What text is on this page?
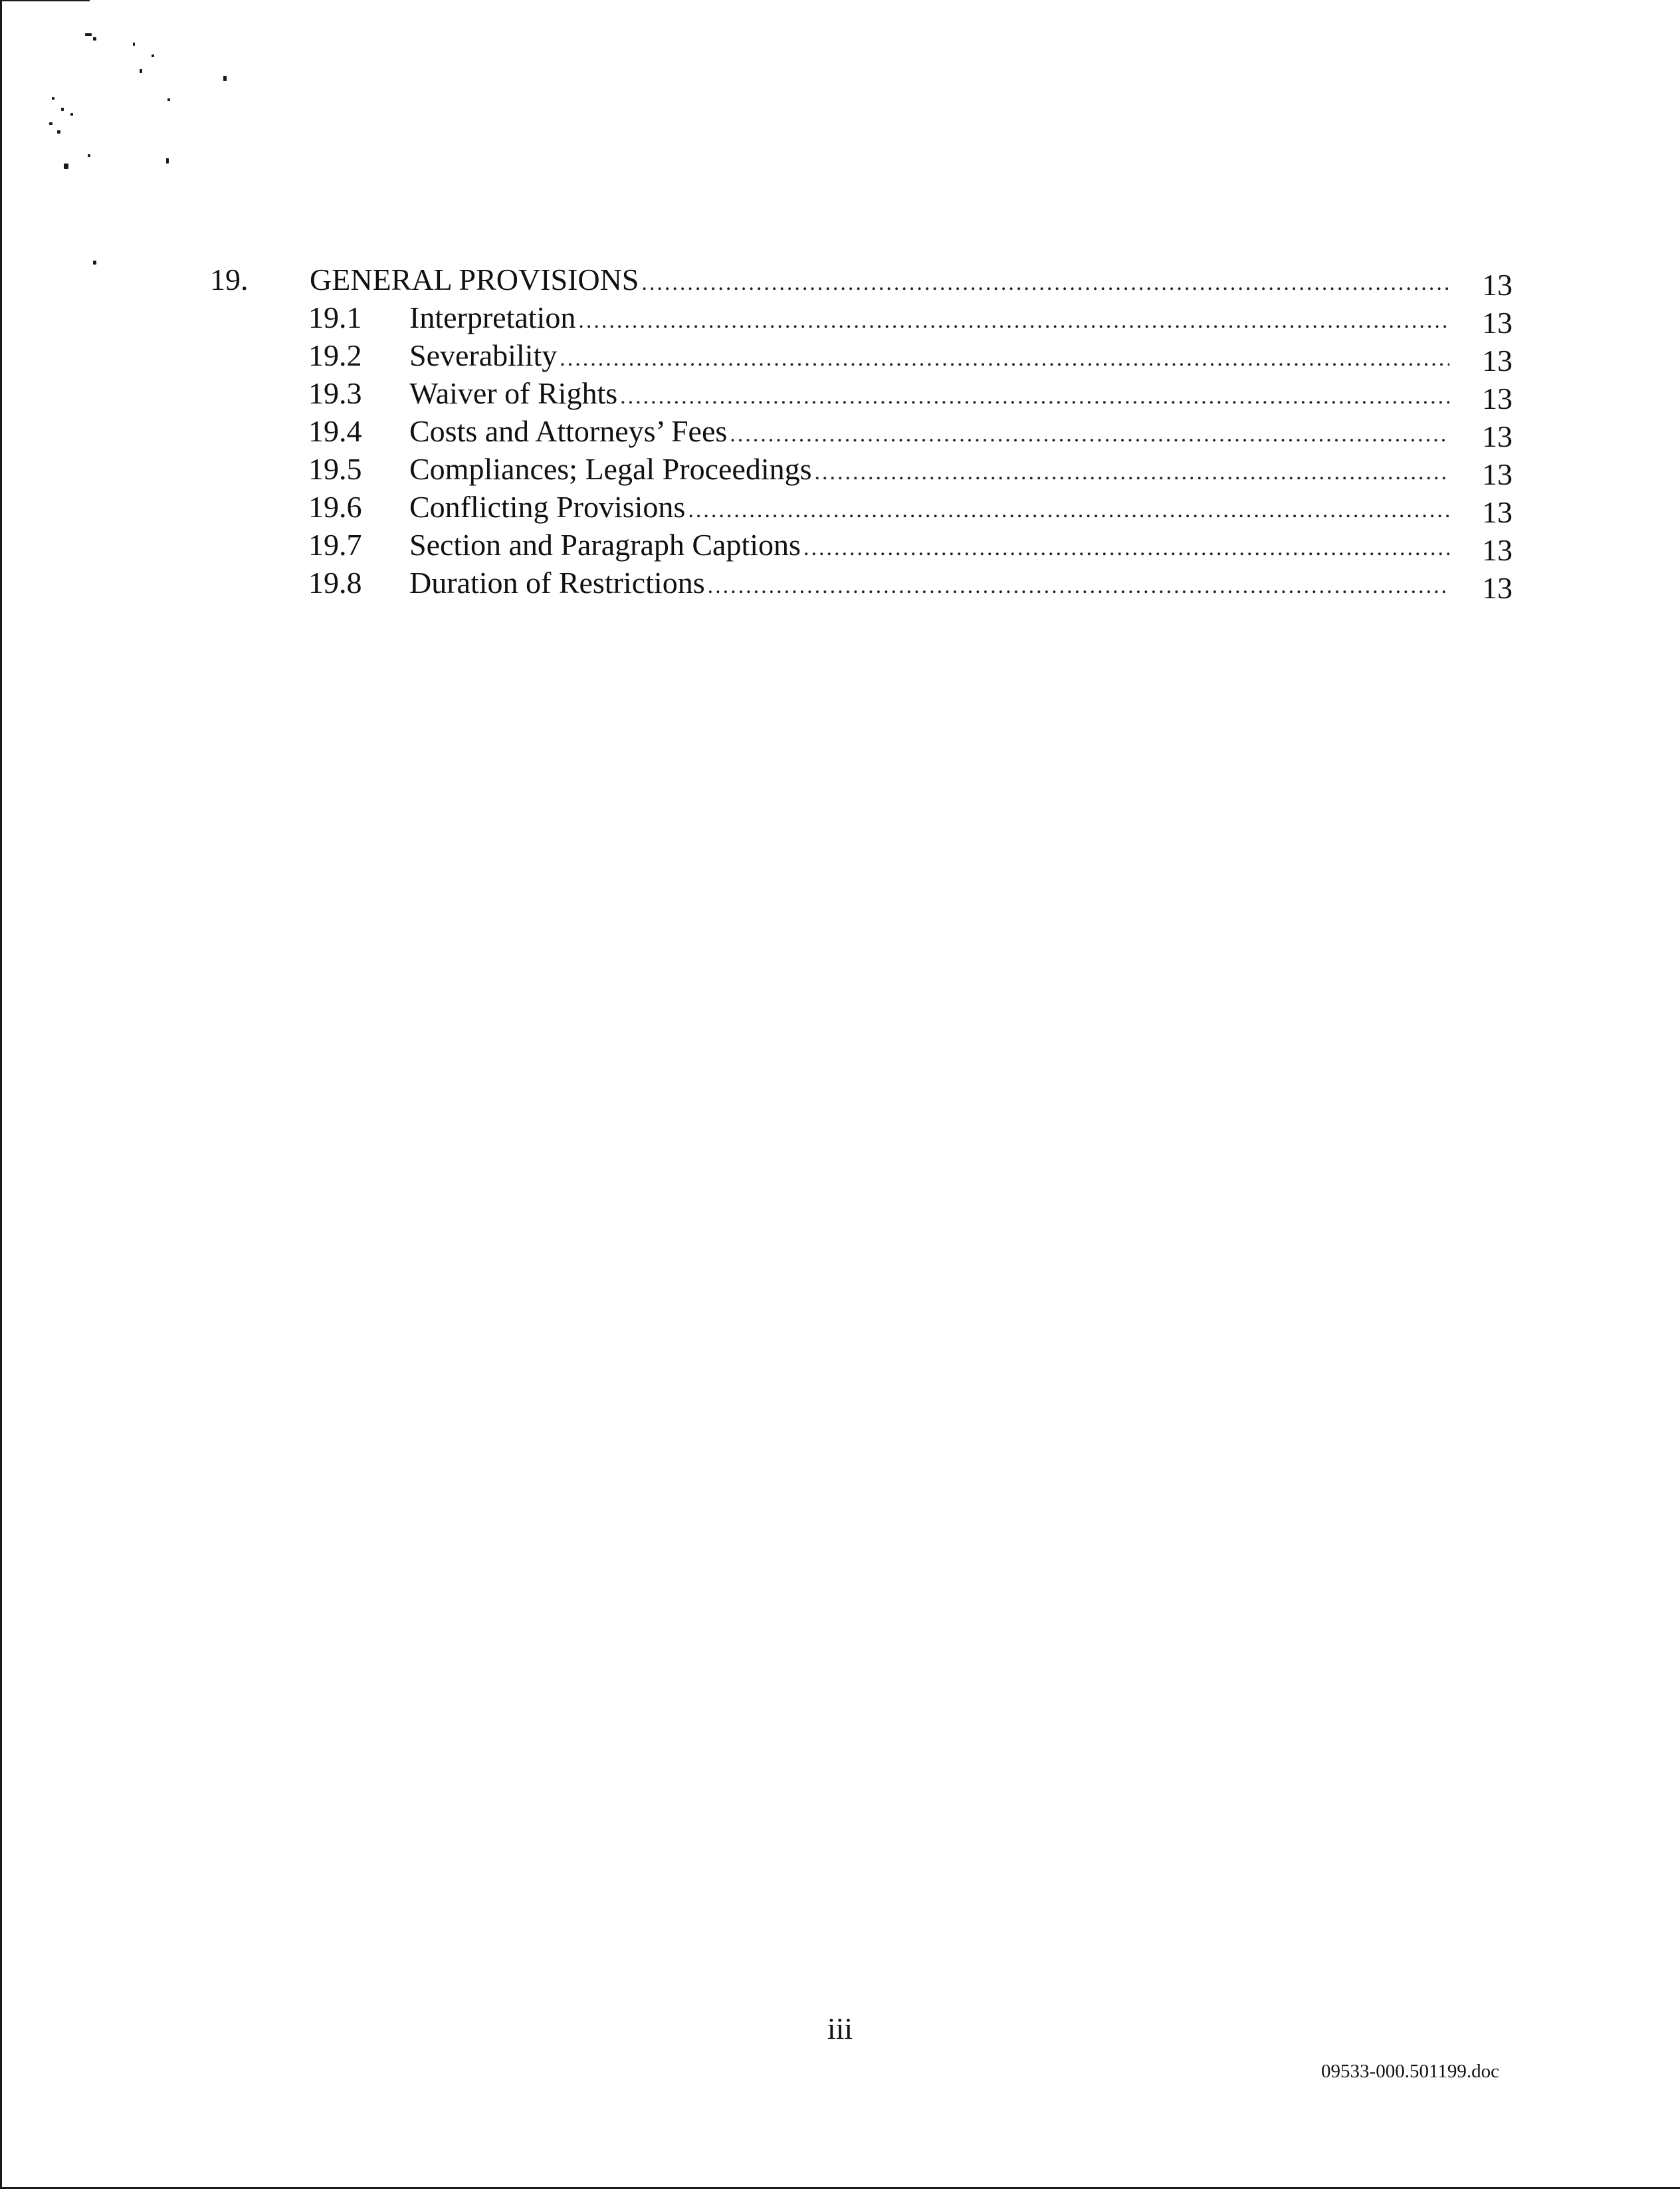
19. GENERAL PROVISIONS .....	13
19.1 Interpretation .....	13
19.2 Severability .....	13
19.3 Waiver of Rights .....	13
19.4 Costs and Attorneys’ Fees .....	13
19.5 Compliances; Legal Proceedings .....	13
19.6 Conflicting Provisions .....	13
19.7 Section and Paragraph Captions .....	13
19.8 Duration of Restrictions .....	13
iii
09533-000.501199.doc
